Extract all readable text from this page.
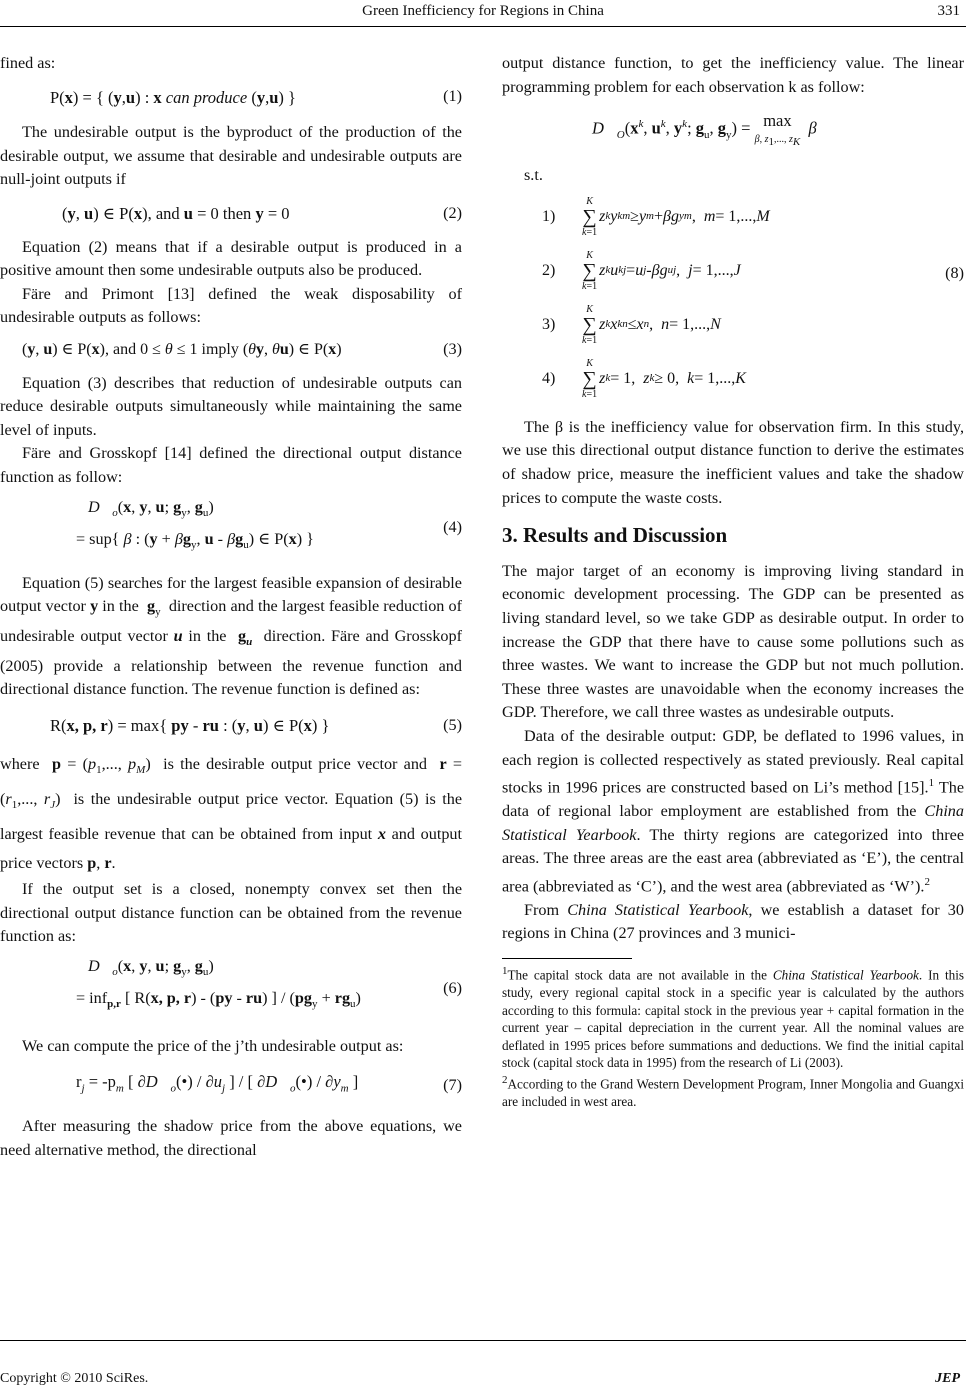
Green Inefficiency for Regions in China	331

fined as:

P(x) = { (y,u) : x can produce (y,u) }	(1)

The undesirable output is the byproduct of the production of the desirable output, we assume that desirable and undesirable outputs are null-joint outputs if

(y, u) ∈ P(x), and u = 0 then y = 0	(2)

Equation (2) means that if a desirable output is produced in a positive amount then some undesirable outputs also be produced.

Färe and Primont [13] defined the weak disposability of undesirable outputs as follows:

(y, u) ∈ P(x), and 0 ≤ θ ≤ 1 imply (θy, θu) ∈ P(x)	(3)

Equation (3) describes that reduction of undesirable outputs can reduce desirable outputs simultaneously while maintaining the same level of inputs.

Färe and Grosskopf [14] defined the directional output distance function as follow:

$D⃗_o(x$, y, u; $g_y$, $g_u$)
= sup{ β : ($y + \beta g_y$, u - $\beta g_u$) ∈ P(x) }
(4)

Equation (5) searches for the largest feasible expansion of desirable output vector y in the $g_y$ direction and the largest feasible reduction of undesirable output vector u in the $g_u$ direction. Färe and Grosskopf (2005) provide a relationship between the revenue function and directional distance function. The revenue function is defined as:

R(x, p, r) = max{ py - ru : (y, u) ∈ P(x) }	(5)

where $p = (p_1$,..., $p_M$)  is the desirable output price vector and $r = (r_1$,..., $r_J$)  is the undesirable output price vector. Equation (5) is the largest feasible revenue that can be obtained from input x and output price vectors p, r.

If the output set is a closed, nonempty convex set then the directional output distance function can be obtained from the revenue function as:

$D⃗_o(x$, y, u; $g_y$, $g_u$)
= inf$_{p,r}$ [ R(x, p, r) - (py - ru) ] / $(pg_y + rg_u)$
(6)

We can compute the price of the j’th undesirable output as:

$r_j = -p_m$ [ $\partial D⃗_o(•) / \partial u_j$ ] / [ $\partial D⃗_o(•) / \partial y_m$ ]	(7)

After measuring the shadow price from the above equations, we need alternative method, the directional

output distance function, to get the inefficiency value. The linear programming problem for each observation k as follow:

$D⃗_O(x^k$, $u^k$, $y^k$; $g_u$, $g_y) = \max$
β, $z_1$,..., $z_K$  β

s.t.

1)
K
∑
k=1
z k y km ≥ y m + β g ym , m = 1,..., M
2)
K
∑
k=1
z k u kj = u j - β g uj , j = 1,..., J
3)
K
∑
k=1
z k x kn ≤ x n , n = 1,..., N
4)
K
∑
k=1
z k = 1, z k ≥ 0, k = 1,..., K
(8)

The β is the inefficiency value for observation firm. In this study, we use this directional output distance function to derive the estimates of shadow price, measure the inefficient values and take the shadow prices to compute the waste costs.

3. Results and Discussion

The major target of an economy is improving living standard in economic development processing. The GDP can be presented as living standard level, so we take GDP as desirable output. In order to increase the GDP that there have to cause some pollutions such as three wastes. We want to increase the GDP but not much pollution. These three wastes are unavoidable when the economy increases the GDP. Therefore, we call three wastes as undesirable outputs.

Data of the desirable output: GDP, be deflated to 1996 values, in each region is collected respectively as stated previously. Real capital stocks in 1996 prices are constructed based on Li’s method [15].$^1$ The data of regional labor employment are established from the China Statistical Yearbook. The thirty regions are categorized into three areas. The three areas are the east area (abbreviated as ‘E’), the central area (abbreviated as ‘C’), and the west area (abbreviated as ‘W’).$^2$

From China Statistical Yearbook, we establish a dataset for 30 regions in China (27 provinces and 3 munici-

$^1$The capital stock data are not available in the China Statistical Yearbook. In this study, every regional capital stock in a specific year is calculated by the authors according to this formula: capital stock in the previous year + capital formation in the current year – capital depreciation in the current year. All the nominal values are deflated in 1995 prices before summations and deductions. We find the initial capital stock (capital stock data in 1995) from the research of Li (2003).
$^2$According to the Grand Western Development Program, Inner Mongolia and Guangxi are included in west area.
Copyright © 2010 SciRes.	JEP
